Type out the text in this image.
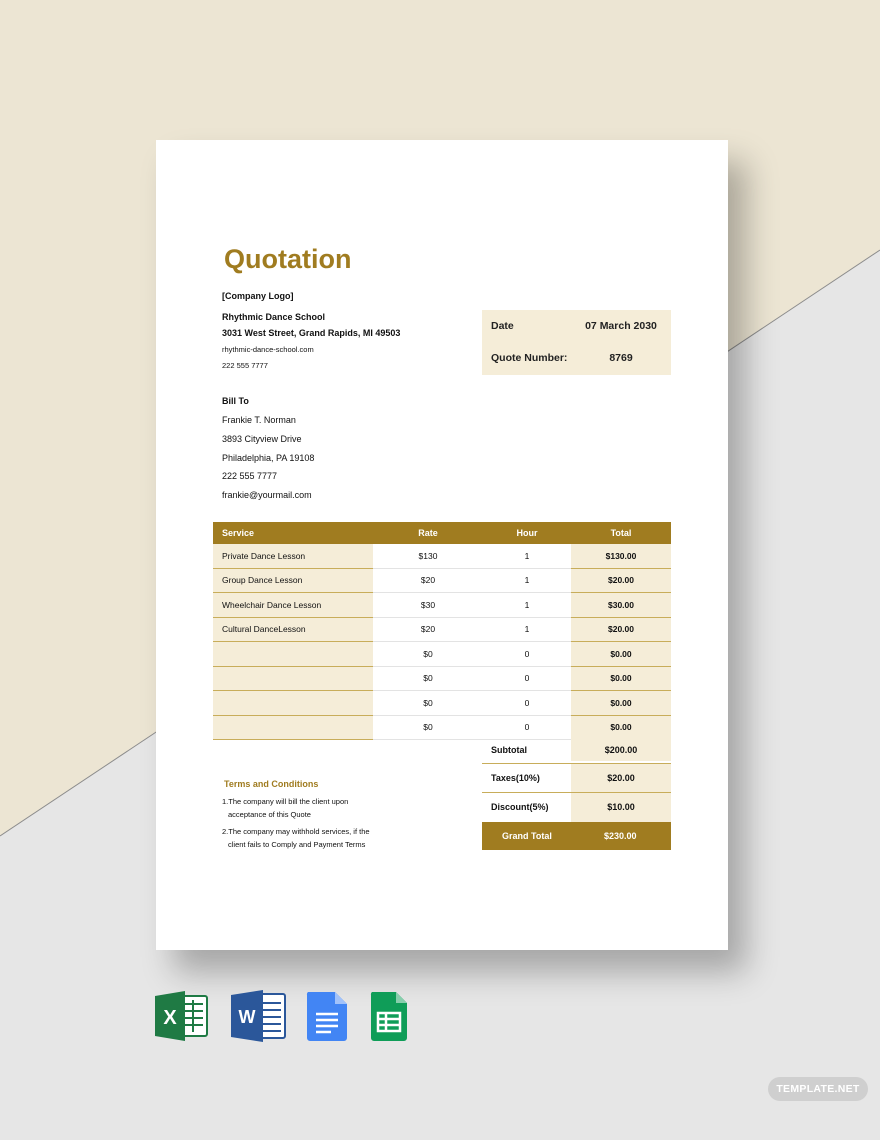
Quotation
[Company Logo]
Rhythmic Dance School
3031 West Street, Grand Rapids, MI 49503
rhythmic-dance-school.com
222 555 7777
Date	07 March 2030
Quote Number:	8769
Bill To
Frankie T. Norman
3893 Cityview Drive
Philadelphia, PA 19108
222 555 7777
frankie@yourmail.com
Service	Rate	Hour	Total
Private Dance Lesson	$130	1	$130.00
Group Dance Lesson	$20	1	$20.00
Wheelchair Dance Lesson	$30	1	$30.00
Cultural DanceLesson	$20	1	$20.00
	$0	0	$0.00
	$0	0	$0.00
	$0	0	$0.00
	$0	0	$0.00
Subtotal	$200.00
Taxes(10%)	$20.00
Discount(5%)	$10.00
Grand Total	$230.00
Terms and Conditions
1.The company will bill the client upon
acceptance of this Quote
2.The company may withhold services, if the
client fails to Comply and Payment Terms
X	W
TEMPLATE.NET
